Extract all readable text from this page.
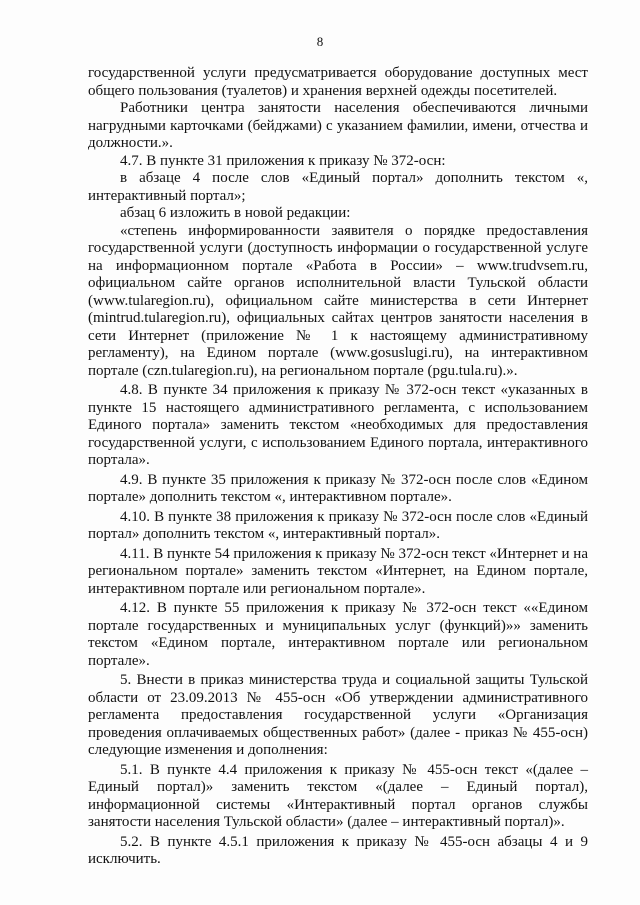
8

государственной услуги предусматривается оборудование доступных мест общего пользования (туалетов) и хранения верхней одежды посетителей.

Работники центра занятости населения обеспечиваются личными нагрудными карточками (бейджами) с указанием фамилии, имени, отчества и должности.».

4.7. В пункте 31 приложения к приказу № 372-осн:

в абзаце 4 после слов «Единый портал» дополнить текстом «, интерактивный портал»;

абзац 6 изложить в новой редакции:

«степень информированности заявителя о порядке предоставления государственной услуги (доступность информации о государственной услуге на информационном портале «Работа в России» – www.trudvsem.ru, официальном сайте органов исполнительной власти Тульской области (www.tularegion.ru), официальном сайте министерства в сети Интернет (mintrud.tularegion.ru), официальных сайтах центров занятости населения в сети Интернет (приложение № 1 к настоящему административному регламенту), на Едином портале (www.gosuslugi.ru), на интерактивном портале (czn.tularegion.ru), на региональном портале (pgu.tula.ru).».

4.8. В пункте 34 приложения к приказу № 372-осн текст «указанных в пункте 15 настоящего административного регламента, с использованием Единого портала» заменить текстом «необходимых для предоставления государственной услуги, с использованием Единого портала, интерактивного портала».

4.9. В пункте 35 приложения к приказу № 372-осн после слов «Едином портале» дополнить текстом «, интерактивном портале».

4.10. В пункте 38 приложения к приказу № 372-осн после слов «Единый портал» дополнить текстом «, интерактивный портал».

4.11. В пункте 54 приложения к приказу № 372-осн текст «Интернет и на региональном портале» заменить текстом «Интернет, на Едином портале, интерактивном портале или региональном портале».

4.12. В пункте 55 приложения к приказу № 372-осн текст ««Едином портале государственных и муниципальных услуг (функций)»» заменить текстом «Едином портале, интерактивном портале или региональном портале».

5. Внести в приказ министерства труда и социальной защиты Тульской области от 23.09.2013 № 455-осн «Об утверждении административного регламента предоставления государственной услуги «Организация проведения оплачиваемых общественных работ» (далее - приказ № 455-осн) следующие изменения и дополнения:

5.1. В пункте 4.4 приложения к приказу № 455-осн текст «(далее – Единый портал)» заменить текстом «(далее – Единый портал), информационной системы «Интерактивный портал органов службы занятости населения Тульской области» (далее – интерактивный портал)».

5.2. В пункте 4.5.1 приложения к приказу № 455-осн абзацы 4 и 9 исключить.
